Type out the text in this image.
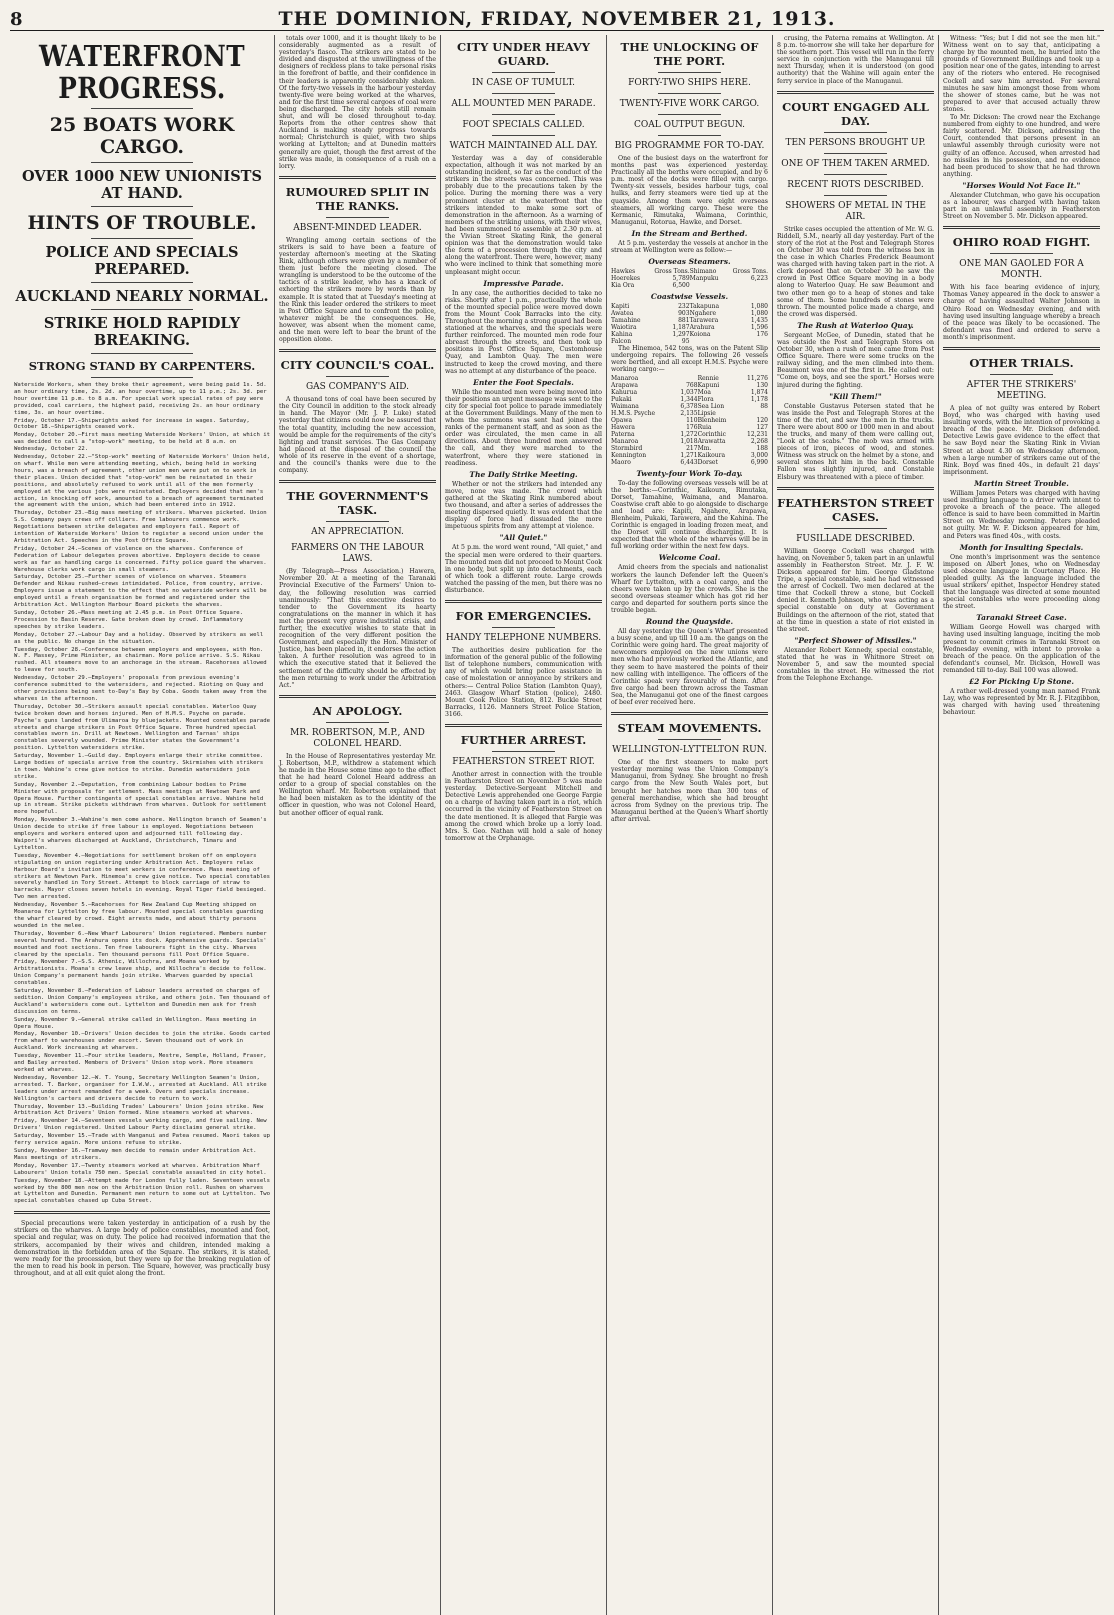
8	THE DOMINION, FRIDAY, NOVEMBER 21, 1913.
WATERFRONT PROGRESS.
25 BOATS WORK CARGO.
OVER 1000 NEW UNIONISTS AT HAND.
HINTS OF TROUBLE.
POLICE AND SPECIALS PREPARED.
AUCKLAND NEARLY NORMAL.
STRIKE HOLD RAPIDLY BREAKING.
STRONG STAND BY CARPENTERS.

Waterside Workers, when they broke their agreement, were being paid 1s. 5d. an hour ordinary time, 2s. 2d. an hour overtime, up to 11 p.m.; 2s. 3d. per hour overtime 11 p.m. to 8 a.m. For special work special rates of pay were provided, coal carriers, the highest paid, receiving 2s. an hour ordinary time, 3s. an hour overtime.

Friday, October 17.—Shipwrights asked for increase in wages. Saturday, October 18.—Shipwrights ceased work.

Monday, October 20.—First mass meeting Waterside Workers' Union, at which it was decided to call a "stop-work" meeting, to be held at 8 a.m. on Wednesday, October 22.

Wednesday, October 22.—"Stop-work" meeting of Waterside Workers' Union held, on wharf. While men were attending meeting, which, being held in working hours, was a breach of agreement, other union men were put on to work in their places. Union decided that "stop-work" men be reinstated in their positions, and absolutely refused to work until all of the men formerly employed at the various jobs were reinstated. Employers decided that men's action, in knocking off work, amounted to a breach of agreement terminated the agreement with the union, which had been entered into in 1912.

Thursday, October 23.—Big mass meeting of strikers. Wharves picketed. Union S.S. Company pays crews off colliers. Free labourers commence work. Negotiations between strike delegates and employers fail. Report of intention of Waterside Workers' Union to register a second union under the Arbitration Act. Speeches in the Post Office Square.

Friday, October 24.—Scenes of violence on the wharves. Conference of Federation of Labour delegates proves abortive. Employers decide to cease work as far as handling cargo is concerned. Fifty police guard the wharves. Warehouse clerks work cargo in small steamers.

Saturday, October 25.—Further scenes of violence on wharves. Steamers Defender and Nikau rushed—crews intimidated. Police, from country, arrive. Employers issue a statement to the effect that no waterside workers will be employed until a fresh organisation be formed and registered under the Arbitration Act. Wellington Harbour Board pickets the wharves.

Sunday, October 26.—Mass meeting at 2.45 p.m. in Post Office Square. Procession to Basin Reserve. Gate broken down by crowd. Inflammatory speeches by strike leaders.

Monday, October 27.—Labour Day and a holiday. Observed by strikers as well as the public. No change in the situation.

Tuesday, October 28.—Conference between employers and employees, with Hon. W. F. Massey, Prime Minister, as chairman. More police arrive. S.S. Nikau rushed. All steamers move to an anchorage in the stream. Racehorses allowed to leave for south.

Wednesday, October 29.—Employers' proposals from previous evening's conference submitted to the watersiders, and rejected. Rioting on Quay and other provisions being sent to-Day's Bay by Coba. Goods taken away from the wharves in the afternoon.

Thursday, October 30.—Strikers assault special constables. Waterloo Quay twice broken down and horses injured. Men of H.M.S. Psyche on parade. Psyche's guns landed from Ulimaroa by bluejackets. Mounted constables parade streets and charge strikers in Post Office Square. Three hundred special constables sworn in. Drill at Newtown. Wellington and Tarnas' ships constables severely wounded. Prime Minister states the Government's position. Lyttelton watersiders strike.

Saturday, November 1.—Guild day. Employers enlarge their strike committee. Large bodies of specials arrive from the country. Skirmishes with strikers in town. Wahine's crew give notice to strike. Dunedin watersiders join strike.

Sunday, November 2.—Deputation, from combining Labour bodies to Prime Minister with proposals for settlement. Mass meetings at Newtown Park and Opera House. Further contingents of special constables arrive. Wahine held up in stream. Strike pickets withdrawn from wharves. Outlook for settlement more hopeful.

Monday, November 3.—Wahine's men come ashore. Wellington branch of Seamen's Union decide to strike if free labour is employed. Negotiations between employers and workers entered upon and adjourned till following day. Waipori's wharves discharged at Auckland, Christchurch, Timaru and Lyttelton.

Tuesday, November 4.—Negotiations for settlement broken off on employers stipulating on union registering under Arbitration Act. Employers relax Harbour Board's invitation to meet workers in conference. Mass meeting of strikers at Newtown Park. Hinemoa's crew give notice. Two special constables severely handled in Tory Street. Attempt to block carriage of straw to barracks. Mayor closes seven hotels in evening. Royal Tiger field besieged. Two men arrested.

Wednesday, November 5.—Racehorses for New Zealand Cup Meeting shipped on Moanaroa for Lyttelton by free labour. Mounted special constables guarding the wharf cleared by crowd. Eight arrests made, and about thirty persons wounded in the melee.

Thursday, November 6.—New Wharf Labourers' Union registered. Members number several hundred. The Arahura opens its dock. Apprehensive guards. Specials' mounted and foot sections. Ten free labourers fight in the city. Wharves cleared by the specials. Ten thousand persons fill Post Office Square.

Friday, November 7.—S.S. Athenic, Willochra, and Moana worked by Arbitrationists. Moana's crew leave ship, and Willochra's decide to follow. Union Company's permanent hands join strike. Wharves guarded by special constables.

Saturday, November 8.—Federation of Labour leaders arrested on charges of sedition. Union Company's employees strike, and others join. Ten thousand of Auckland's watersiders come out. Lyttelton and Dunedin men ask for fresh discussion on terms.

Sunday, November 9.—General strike called in Wellington. Mass meeting in Opera House.

Monday, November 10.—Drivers' Union decides to join the strike. Goods carted from wharf to warehouses under escort. Seven thousand out of work in Auckland. Work increasing at wharves.

Tuesday, November 11.—Four strike leaders, Mestre, Semple, Holland, Fraser, and Bailey arrested. Members of Drivers' Union stop work. More steamers worked at wharves.

Wednesday, November 12.—W. T. Young, Secretary Wellington Seamen's Union, arrested. T. Barker, organiser for I.W.W., arrested at Auckland. All strike leaders under arrest remanded for a week. Overs and specials increase. Wellington's carters and drivers decide to return to work.

Thursday, November 13.—Building Trades' Labourers' Union joins strike. New Arbitration Act Drivers' Union formed. Nine steamers worked at wharves.

Friday, November 14.—Seventeen vessels working cargo, and five sailing. New Drivers' Union registered. United Labour Party disclaims general strike.

Saturday, November 15.—Trade with Wanganui and Patea resumed. Maori takes up ferry service again. More unions refuse to strike.

Sunday, November 16.—Tramway men decide to remain under Arbitration Act. Mass meetings of strikers.

Monday, November 17.—Twenty steamers worked at wharves. Arbitration Wharf Labourers' Union totals 750 men. Special constable assaulted in city hotel.

Tuesday, November 18.—Attempt made for London fully laden. Seventeen vessels worked by the 800 men now on the Arbitration Union roll. Rushes on wharves at Lyttelton and Dunedin. Permanent men return to some out at Lyttelton. Two special constables chased up Cuba Street.

Special precautions were taken yesterday in anticipation of a rush by the strikers on the wharves. A large body of police constables, mounted and foot, special and regular, was on duty. The police had received information that the strikers, accompanied by their wives and children, intended making a demonstration in the forbidden area of the Square. The strikers, it is stated, were ready for the procession, but they were up for the breaking regulation of the men to read his book in person. The Square, however, was practically busy throughout, and at all exit quiet along the front.

totals over 1000, and it is thought likely to be considerably augmented as a result of yesterday's fiasco. The strikers are stated to be divided and disgusted at the unwillingness of the designers of reckless plans to take personal risks in the forefront of battle, and their confidence in their leaders is apparently considerably shaken. Of the forty-two vessels in the harbour yesterday twenty-five were being worked at the wharves, and for the first time several cargoes of coal were being discharged. The city hotels still remain shut, and will be closed throughout to-day. Reports from the other centres show that Auckland is making steady progress towards normal; Christchurch is quiet, with two ships working at Lyttelton; and at Dunedin matters generally are quiet, though the first arrest of the strike was made, in consequence of a rush on a lorry.

RUMOURED SPLIT IN THE RANKS.
ABSENT-MINDED LEADER.

Wrangling among certain sections of the strikers is said to have been a feature of yesterday afternoon's meeting at the Skating Rink, although others were given by a number of them just before the meeting closed. The wrangling is understood to be the outcome of the tactics of a strike leader, who has a knack of exhorting the strikers more by words than by example. It is stated that at Tuesday's meeting at the Rink this leader ordered the strikers to meet in Post Office Square and to confront the police, whatever might be the consequences. He, however, was absent when the moment came, and the men were left to bear the brunt of the opposition alone.

CITY COUNCIL'S COAL.
GAS COMPANY'S AID.

A thousand tons of coal have been secured by the City Council in addition to the stock already in hand. The Mayor (Mr. J. P. Luke) stated yesterday that citizens could now be assured that the total quantity, including the new accession, would be ample for the requirements of the city's lighting and transit services. The Gas Company had placed at the disposal of the council the whole of its reserve in the event of a shortage, and the council's thanks were due to the company.

THE GOVERNMENT'S TASK.
AN APPRECIATION.
FARMERS ON THE LABOUR LAWS.

(By Telegraph—Press Association.) Hawera, November 20. At a meeting of the Taranaki Provincial Executive of the Farmers' Union to-day, the following resolution was carried unanimously: "That this executive desires to tender to the Government its hearty congratulations on the manner in which it has met the present very grave industrial crisis, and further, the executive wishes to state that in recognition of the very different position the Government, and especially the Hon. Minister of Justice, has been placed in, it endorses the action taken. A further resolution was agreed to in which the executive stated that it believed the settlement of the difficulty should be effected by the men returning to work under the Arbitration Act."

AN APOLOGY.
MR. ROBERTSON, M.P., AND COLONEL HEARD.

In the House of Representatives yesterday Mr. J. Robertson, M.P., withdrew a statement which he made in the House some time ago to the effect that he had heard Colonel Heard address an order to a group of special constables on the Wellington wharf. Mr. Robertson explained that he had been mistaken as to the identity of the officer in question, who was not Colonel Heard, but another officer of equal rank.

CITY UNDER HEAVY GUARD.
IN CASE OF TUMULT.
ALL MOUNTED MEN PARADE.
FOOT SPECIALS CALLED.
WATCH MAINTAINED ALL DAY.

Yesterday was a day of considerable expectation, although it was not marked by an outstanding incident, so far as the conduct of the strikers in the streets was concerned. This was probably due to the precautions taken by the police. During the morning there was a very prominent cluster at the waterfront that the strikers intended to make some sort of demonstration in the afternoon. As a warning of members of the striking unions, with their wives, had been summoned to assemble at 2.30 p.m. at the Vivian Street Skating Rink, the general opinion was that the demonstration would take the form of a procession through the city and along the waterfront. There were, however, many who were inclined to think that something more unpleasant might occur.

Impressive Parade.

In any case, the authorities decided to take no risks. Shortly after 1 p.m., practically the whole of the mounted special police were moved down from the Mount Cook Barracks into the city. Throughout the morning a strong guard had been stationed at the wharves, and the specials were further reinforced. The mounted men rode four abreast through the streets, and then took up positions in Post Office Square, Customhouse Quay, and Lambton Quay. The men were instructed to keep the crowd moving, and there was no attempt at any disturbance of the peace.

Enter the Foot Specials.

While the mounted men were being moved into their positions an urgent message was sent to the city for special foot police to parade immediately at the Government Buildings. Many of the men to whom the summons was sent had joined the ranks of the permanent staff, and as soon as the order was circulated, the men came in all directions. About three hundred men answered the call, and they were marched to the waterfront, where they were stationed in readiness.

The Daily Strike Meeting.

Whether or not the strikers had intended any move, none was made. The crowd which gathered at the Skating Rink numbered about two thousand, and after a series of addresses the meeting dispersed quietly. It was evident that the display of force had dissuaded the more impetuous spirits from any attempt at violence.

"All Quiet."

At 5 p.m. the word went round, "All quiet," and the special men were ordered to their quarters. The mounted men did not proceed to Mount Cook in one body, but split up into detachments, each of which took a different route. Large crowds watched the passing of the men, but there was no disturbance.

FOR EMERGENCIES.
HANDY TELEPHONE NUMBERS.

The authorities desire publication for the information of the general public of the following list of telephone numbers, communication with any of which would bring police assistance in case of molestation or annoyance by strikers and others:— Central Police Station (Lambton Quay), 2463. Glasgow Wharf Station (police), 2480. Mount Cook Police Station, 812. Buckle Street Barracks, 1126. Manners Street Police Station, 3166.

FURTHER ARREST.
FEATHERSTON STREET RIOT.

Another arrest in connection with the trouble in Featherston Street on November 5 was made yesterday. Detective-Sergeant Mitchell and Detective Lewis apprehended one George Fargie on a charge of having taken part in a riot, which occurred in the vicinity of Featherston Street on the date mentioned. It is alleged that Fargie was among the crowd which broke up a lorry load. Mrs. S. Geo. Nathan will hold a sale of honey tomorrow at the Orphanage.

THE UNLOCKING OF THE PORT.
FORTY-TWO SHIPS HERE.
TWENTY-FIVE WORK CARGO.
COAL OUTPUT BEGUN.
BIG PROGRAMME FOR TO-DAY.

One of the busiest days on the waterfront for months past was experienced yesterday. Practically all the berths were occupied, and by 6 p.m. most of the docks were filled with cargo. Twenty-six vessels, besides harbour tugs, coal hulks, and ferry steamers were tied up at the quayside. Among them were eight overseas steamers, all working cargo. These were the Kermanic, Rimutaka, Waimana, Corinthic, Manuganui, Rotorua, Hawke, and Dorset.

In the Stream and Berthed.

At 5 p.m. yesterday the vessels at anchor in the stream at Wellington were as follow:—

Overseas Steamers.
Hawkes	Gross Tons.	Shimano	Gross Tons.
Hoerekes	5,789	Manpuku	6,223
Kia Ora	6,500		
Coastwise Vessels.
Kapiti	232	Takapuna	1,080
Awatea	903	Ngahere	1,080
Tamahine	881	Tarawera	1,435
Waiotira	1,187	Arahura	1,596
Kahina	1,297	Koiona	176
Falcon	95		

The Hinemoa, 542 tons, was on the Patent Slip undergoing repairs. The following 26 vessels were berthed, and all except H.M.S. Psyche were working cargo:—

Manaroa		Rennie	11,276
Arapawa	768	Kapuni	130
Kahurua	1,037	Moa	1,874
Pukaki	1,344	Flora	1,178
Waimana	6,378	Sea Lion	88
H.M.S. Psyche	2,135	Lipsie	
Opawa	110	Blenheim	120
Hawera	176	Ruia	127
Paterna	1,272	Corinthic	12,231
Manaroa	1,018	Arawatta	2,268
Stormbird	217	Mm.	188
Kennington	1,271	Kaikoura	3,000
Maoro	6,443	Dorset	6,990
Twenty-four Work To-day.

To-day the following overseas vessels will be at the berths:—Corinthic, Kaikoura, Rimutaka, Dorset, Tamahine, Waimana, and Manaroa. Coastwise craft able to go alongside to discharge and load are: Kapiti, Ngahere, Arapawa, Blenheim, Pukaki, Tarawera, and the Kahina. The Corinthic is engaged in loading frozen meat, and the Dorset will continue discharging. It is expected that the whole of the wharves will be in full working order within the next few days.

Welcome Coal.

Amid cheers from the specials and nationalist workers the launch Defender left the Queen's Wharf for Lyttelton, with a coal cargo, and the cheers were taken up by the crowds. She is the second overseas steamer which has got rid her cargo and departed for southern ports since the trouble began.

Round the Quayside.

All day yesterday the Queen's Wharf presented a busy scene, and up till 10 a.m. the gangs on the Corinthic were going hard. The great majority of newcomers employed on the new unions were men who had previously worked the Atlantic, and they seem to have mastered the points of their new calling with intelligence. The officers of the Corinthic speak very favourably of them. After five cargo had been thrown across the Tasman Sea, the Manuganui got one of the finest cargoes of beef ever received here.

STEAM MOVEMENTS.
WELLINGTON-LYTTELTON RUN.

One of the first steamers to make port yesterday morning was the Union Company's Manuganui, from Sydney. She brought no fresh cargo from the New South Wales port, but brought her hatches more than 300 tons of general merchandise, which she had brought across from Sydney on the previous trip. The Manuganui berthed at the Queen's Wharf shortly after arrival.

crusing, the Paterna remains at Wellington. At 8 p.m. to-morrow she will take her departure for the southern port. This vessel will run in the ferry service in conjunction with the Manuganui till next Thursday, when it is understood (on good authority) that the Wahine will again enter the ferry service in place of the Manuganui.

COURT ENGAGED ALL DAY.
TEN PERSONS BROUGHT UP.
ONE OF THEM TAKEN ARMED.
RECENT RIOTS DESCRIBED.
SHOWERS OF METAL IN THE AIR.

Strike cases occupied the attention of Mr. W. G. Riddell, S.M., nearly all day yesterday. Part of the story of the riot at the Post and Telegraph Stores on October 30 was told from the witness box in the case in which Charles Frederick Beaumont was charged with having taken part in the riot. A clerk deposed that on October 30 he saw the crowd in Post Office Square moving in a body along to Waterloo Quay. He saw Beaumont and two other men go to a heap of stones and take some of them. Some hundreds of stones were thrown. The mounted police made a charge, and the crowd was dispersed.

The Rush at Waterloo Quay.

Sergeant McGee, of Dunedin, stated that he was outside the Post and Telegraph Stores on October 30, when a rush of men came from Post Office Square. There were some trucks on the railway siding, and the men climbed into them. Beaumont was one of the first in. He called out: "Come on, boys, and see the sport." Horses were injured during the fighting.

"Kill Them!"

Constable Gustavus Petersen stated that he was inside the Post and Telegraph Stores at the time of the riot, and saw the men in the trucks. There were about 800 or 1000 men in and about the trucks, and many of them were calling out, "Look at the scabs." The mob was armed with pieces of iron, pieces of wood, and stones. Witness was struck on the helmet by a stone, and several stones hit him in the back. Constable Fallon was slightly injured, and Constable Elsbury was threatened with a piece of timber.

FEATHERSTON STREET CASES.
FUSILLADE DESCRIBED.

William George Cockell was charged with having, on November 5, taken part in an unlawful assembly in Featherston Street. Mr. J. F. W. Dickson appeared for him. George Gladstone Tripe, a special constable, said he had witnessed the arrest of Cockell. Two men declared at the time that Cockell threw a stone, but Cockell denied it. Kenneth Johnson, who was acting as a special constable on duty at Government Buildings on the afternoon of the riot, stated that at the time in question a state of riot existed in the street.

"Perfect Shower of Missiles."

Alexander Robert Kennedy, special constable, stated that he was in Whitmore Street on November 5, and saw the mounted special constables in the street. He witnessed the riot from the Telephone Exchange.

Witness: "Yes; but I did not see the men hit." Witness went on to say that, anticipating a charge by the mounted men, he hurried into the grounds of Government Buildings and took up a position near one of the gates, intending to arrest any of the rioters who entered. He recognised Cockell and saw him arrested. For several minutes he saw him amongst those from whom the shower of stones came, but he was not prepared to aver that accused actually threw stones.

To Mr. Dickson: The crowd near the Exchange numbered from eighty to one hundred, and were fairly scattered. Mr. Dickson, addressing the Court, contended that persons present in an unlawful assembly through curiosity were not guilty of an offence. Accused, when arrested had no missiles in his possession, and no evidence had been produced to show that he had thrown anything.

"Horses Would Not Face It."

Alexander Clutchman, who gave his occupation as a labourer, was charged with having taken part in an unlawful assembly in Featherston Street on November 5. Mr. Dickson appeared.

OHIRO ROAD FIGHT.
ONE MAN GAOLED FOR A MONTH.

With his face bearing evidence of injury, Thomas Vaney appeared in the dock to answer a charge of having assaulted Walter Johnson in Ohiro Road on Wednesday evening, and with having used insulting language whereby a breach of the peace was likely to be occasioned. The defendant was fined and ordered to serve a month's imprisonment.

OTHER TRIALS.
AFTER THE STRIKERS' MEETING.

A plea of not guilty was entered by Robert Boyd, who was charged with having used insulting words, with the intention of provoking a breach of the peace. Mr. Dickson defended. Detective Lewis gave evidence to the effect that he saw Boyd near the Skating Rink in Vivian Street at about 4.30 on Wednesday afternoon, when a large number of strikers came out of the Rink. Boyd was fined 40s., in default 21 days' imprisonment.

Martin Street Trouble.

William James Peters was charged with having used insulting language to a driver with intent to provoke a breach of the peace. The alleged offence is said to have been committed in Martin Street on Wednesday morning. Peters pleaded not guilty. Mr. W. F. Dickson appeared for him, and Peters was fined 40s., with costs.

Month for Insulting Specials.

One month's imprisonment was the sentence imposed on Albert Jones, who on Wednesday used obscene language in Courtenay Place. He pleaded guilty. As the language included the usual strikers' epithet, Inspector Hendrey stated that the language was directed at some mounted special constables who were proceeding along the street.

Taranaki Street Case.

William George Howell was charged with having used insulting language, inciting the mob present to commit crimes in Taranaki Street on Wednesday evening, with intent to provoke a breach of the peace. On the application of the defendant's counsel, Mr. Dickson, Howell was remanded till to-day. Bail 100 was allowed.

£2 For Picking Up Stone.

A rather well-dressed young man named Frank Lay, who was represented by Mr. R. J. Fitzgibbon, was charged with having used threatening behaviour.
